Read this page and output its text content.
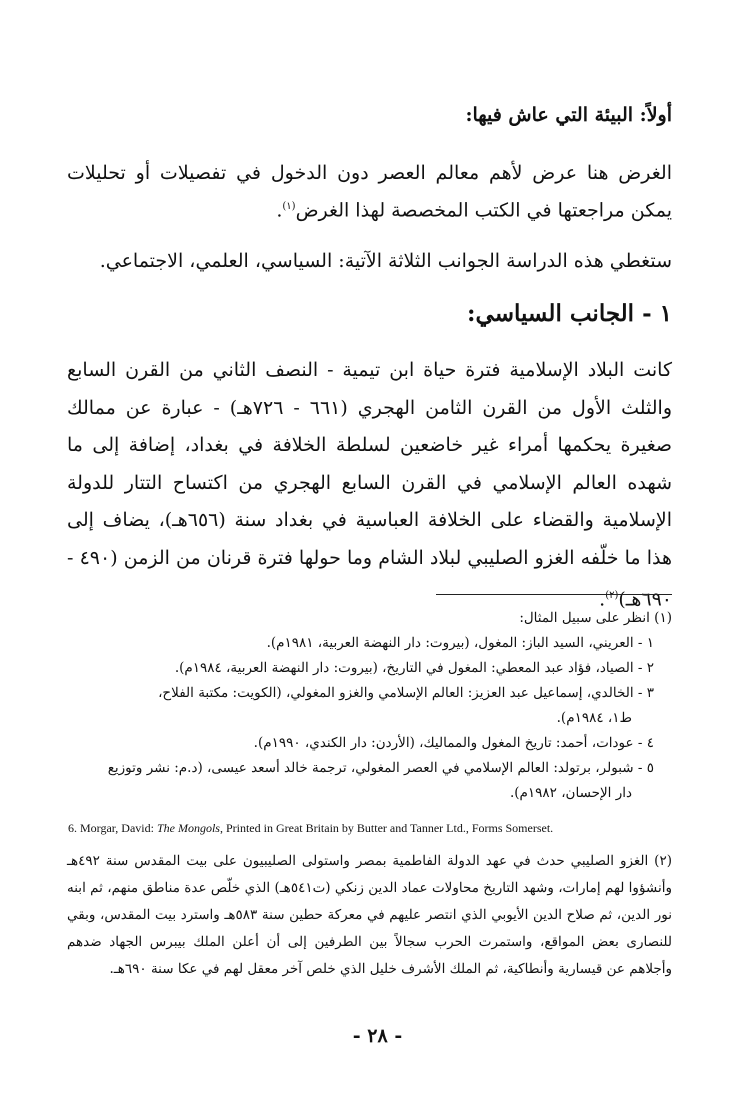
أولاً: البيئة التي عاش فيها:
الغرض هنا عرض لأهم معالم العصر دون الدخول في تفصيلات أو تحليلات يمكن مراجعتها في الكتب المخصصة لهذا الغرض$^{(١)}$.
ستغطي هذه الدراسة الجوانب الثلاثة الآتية: السياسي، العلمي، الاجتماعي.
١ - الجانب السياسي:
كانت البلاد الإسلامية فترة حياة ابن تيمية - النصف الثاني من القرن السابع والثلث الأول من القرن الثامن الهجري (٦٦١ - ٧٢٦هـ) - عبارة عن ممالك صغيرة يحكمها أمراء غير خاضعين لسلطة الخلافة في بغداد، إضافة إلى ما شهده العالم الإسلامي في القرن السابع الهجري من اكتساح التتار للدولة الإسلامية والقضاء على الخلافة العباسية في بغداد سنة (٦٥٦هـ)، يضاف إلى هذا ما خلّفه الغزو الصليبي لبلاد الشام وما حولها فترة قرنان من الزمن (٤٩٠ - ٦٩٠هـ)$^{(٢)}$.
(١) انظر على سبيل المثال:
١ - العريني، السيد الباز: المغول، (بيروت: دار النهضة العربية، ١٩٨١م).
٢ - الصياد، فؤاد عبد المعطي: المغول في التاريخ، (بيروت: دار النهضة العربية، ١٩٨٤م).
٣ - الخالدي، إسماعيل عبد العزيز: العالم الإسلامي والغزو المغولي، (الكويت: مكتبة الفلاح،
ط١، ١٩٨٤م).
٤ - عودات، أحمد: تاريخ المغول والمماليك، (الأردن: دار الكندي، ١٩٩٠م).
٥ - شبولر، برتولد: العالم الإسلامي في العصر المغولي، ترجمة خالد أسعد عيسى، (د.م: نشر وتوزيع
دار الإحسان، ١٩٨٢م).
6. Morgar, David: The Mongols, Printed in Great Britain by Butter and Tanner Ltd., Forms Somerset.
(٢) الغزو الصليبي حدث في عهد الدولة الفاطمية بمصر واستولى الصليبيون على بيت المقدس سنة ٤٩٢هـ وأنشؤوا لهم إمارات، وشهد التاريخ محاولات عماد الدين زنكي (ت٥٤١هـ) الذي خلّص عدة مناطق منهم، ثم ابنه نور الدين، ثم صلاح الدين الأيوبي الذي انتصر عليهم في معركة حطين سنة ٥٨٣هـ واسترد بيت المقدس، وبقي للنصارى بعض المواقع، واستمرت الحرب سجالاً بين الطرفين إلى أن أعلن الملك بيبرس الجهاد ضدهم وأجلاهم عن قيسارية وأنطاكية، ثم الملك الأشرف خليل الذي خلص آخر معقل لهم في عكا سنة ٦٩٠هـ.
- ٢٨ -
